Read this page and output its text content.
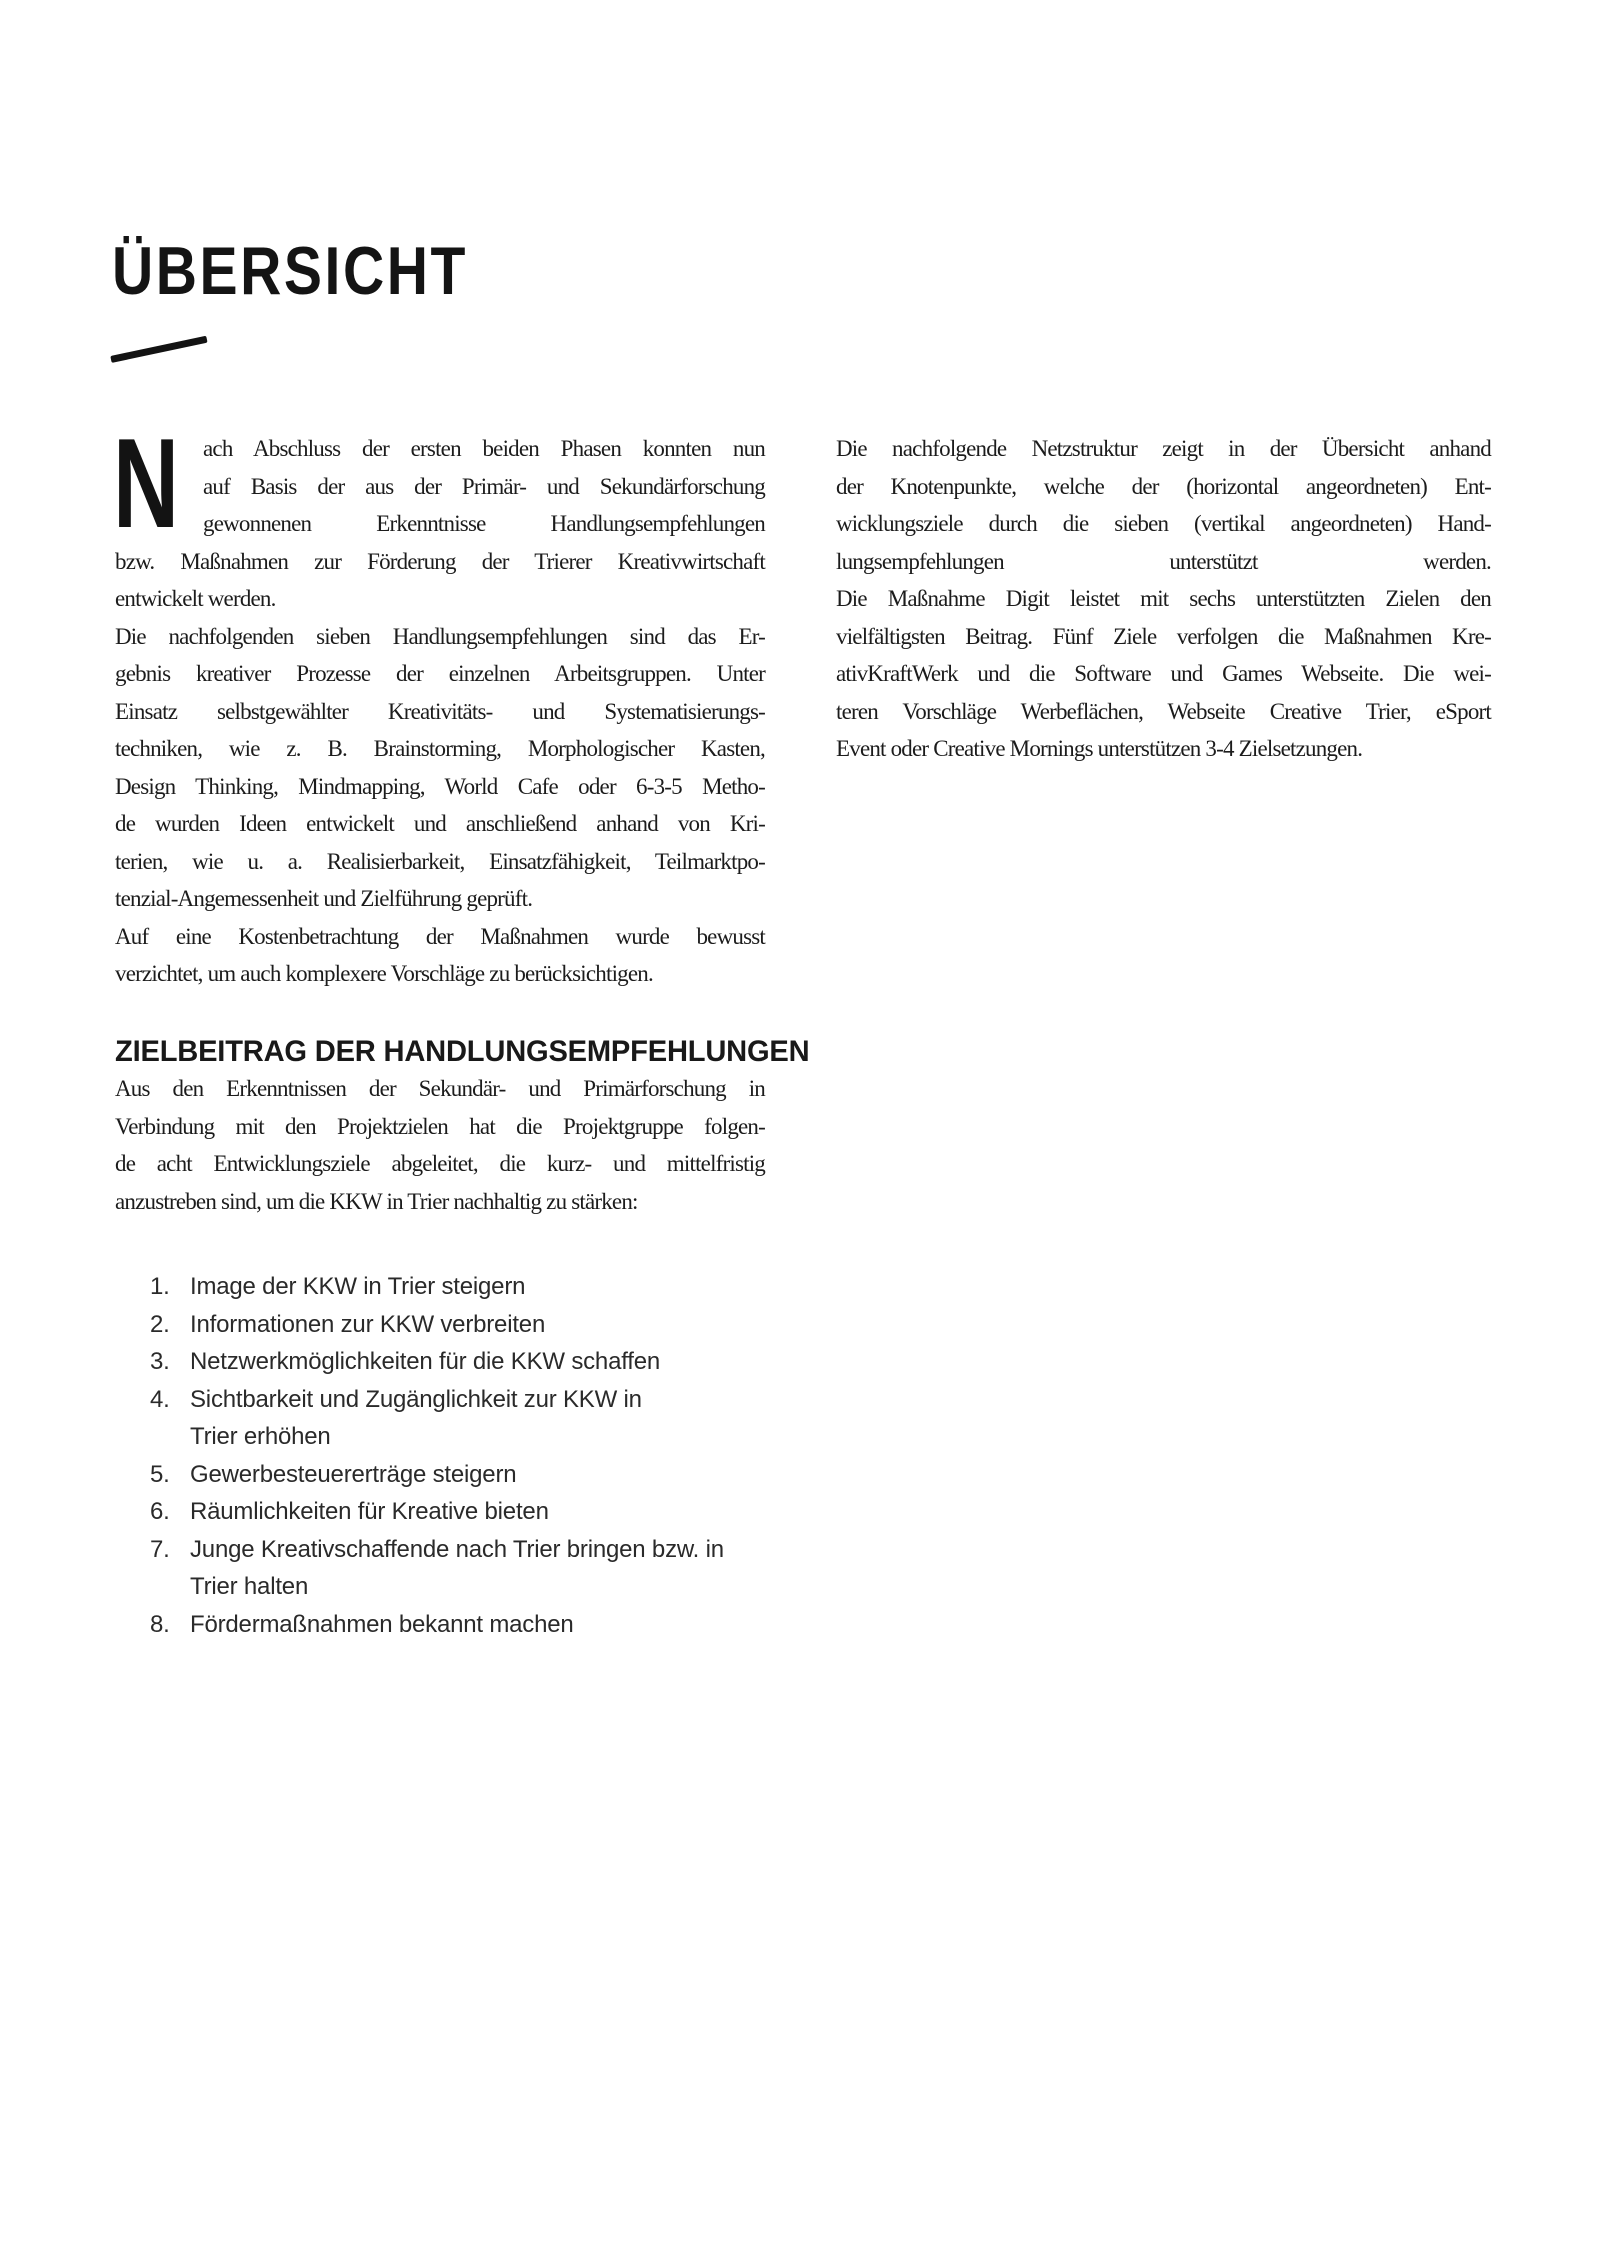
ÜBERSICHT
N	ach Abschluss der ersten beiden Phasen konnten nun
auf Basis der aus der Primär- und Sekundärforschung
gewonnenen Erkenntnisse Handlungsempfehlungen
bzw. Maßnahmen zur Förderung der Trierer Kreativwirtschaft
entwickelt werden.
Die nachfolgenden sieben Handlungsempfehlungen sind das Er-
gebnis kreativer Prozesse der einzelnen Arbeitsgruppen. Unter
Einsatz selbstgewählter Kreativitäts- und Systematisierungs-
techniken, wie z. B. Brainstorming, Morphologischer Kasten,
Design Thinking, Mindmapping, World Cafe oder 6-3-5 Metho-
de wurden Ideen entwickelt und anschließend anhand von Kri-
terien, wie u. a. Realisierbarkeit, Einsatzfähigkeit, Teilmarktpo-
tenzial-Angemessenheit und Zielführung geprüft.
Auf eine Kostenbetrachtung der Maßnahmen wurde bewusst
verzichtet, um auch komplexere Vorschläge zu berücksichtigen.
ZIELBEITRAG DER HANDLUNGSEMPFEHLUNGEN
Aus den Erkenntnissen der Sekundär- und Primärforschung in
Verbindung mit den Projektzielen hat die Projektgruppe folgen-
de acht Entwicklungsziele abgeleitet, die kurz- und mittelfristig
anzustreben sind, um die KKW in Trier nachhaltig zu stärken:
1. Image der KKW in Trier steigern
2. Informationen zur KKW verbreiten
3. Netzwerkmöglichkeiten für die KKW schaffen
4. Sichtbarkeit und Zugänglichkeit zur KKW in
Trier erhöhen
5. Gewerbesteuererträge steigern
6. Räumlichkeiten für Kreative bieten
7. Junge Kreativschaffende nach Trier bringen bzw. in
Trier halten
8. Fördermaßnahmen bekannt machen
Die nachfolgende Netzstruktur zeigt in der Übersicht anhand
der Knotenpunkte, welche der (horizontal angeordneten) Ent-
wicklungsziele durch die sieben (vertikal angeordneten) Hand-
lungsempfehlungen unterstützt werden.
Die Maßnahme Digit leistet mit sechs unterstützten Zielen den
vielfältigsten Beitrag. Fünf Ziele verfolgen die Maßnahmen Kre-
ativKraftWerk und die Software und Games Webseite. Die wei-
teren Vorschläge Werbeflächen, Webseite Creative Trier, eSport
Event oder Creative Mornings unterstützen 3-4 Zielsetzungen.
